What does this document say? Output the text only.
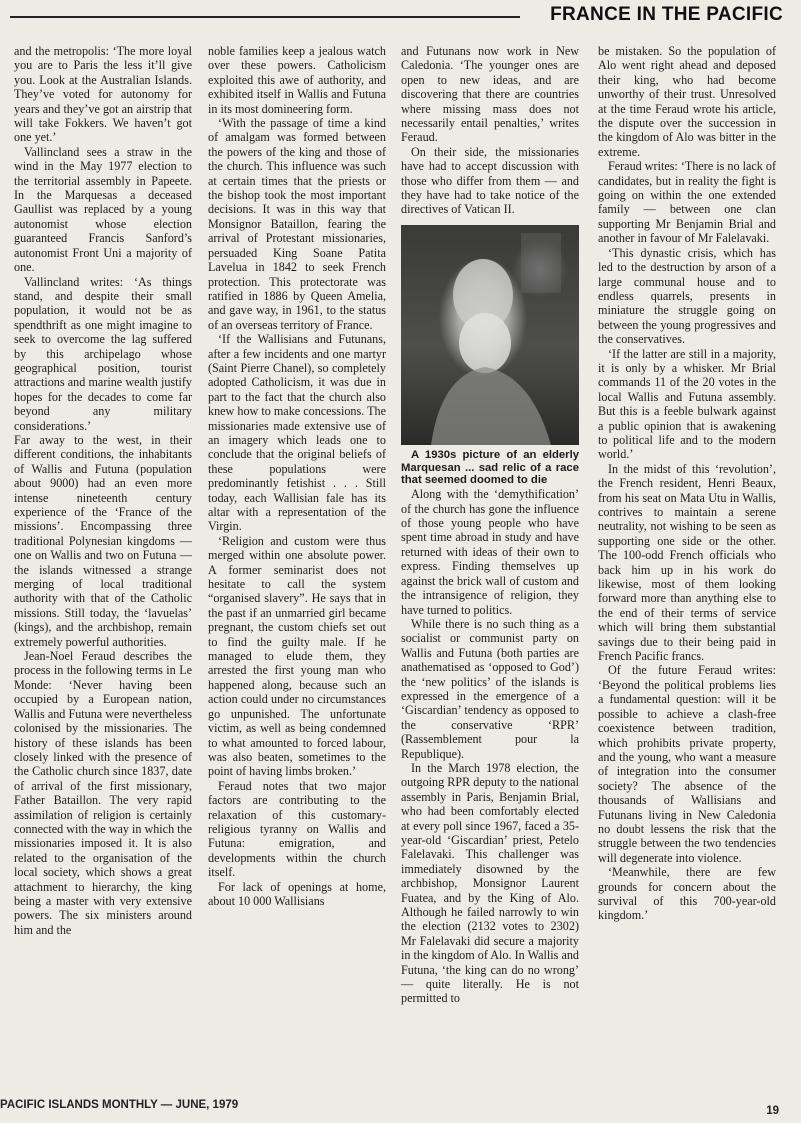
FRANCE IN THE PACIFIC

and the metropolis: ‘The more loyal you are to Paris the less it’ll give you. Look at the Australian Islands. They’ve voted for autonomy for years and they’ve got an airstrip that will take Fokkers. We haven’t got one yet.’

Vallincland sees a straw in the wind in the May 1977 election to the territorial assembly in Papeete. In the Marquesas a deceased Gaullist was replaced by a young autonomist whose election guaranteed Francis Sanford’s autonomist Front Uni a majority of one.

Vallincland writes: ‘As things stand, and despite their small population, it would not be as spendthrift as one might imagine to seek to overcome the lag suffered by this archipelago whose geographical position, tourist attractions and marine wealth justify hopes for the decades to come far beyond any military considerations.’

Far away to the west, in their different conditions, the inhabitants of Wallis and Futuna (population about 9000) had an even more intense nineteenth century experience of the ‘France of the missions’. Encompassing three traditional Polynesian kingdoms — one on Wallis and two on Futuna — the islands witnessed a strange merging of local traditional authority with that of the Catholic missions. Still today, the ‘lavuelas’ (kings), and the archbishop, remain extremely powerful authorities.

Jean-Noel Feraud describes the process in the following terms in Le Monde: ‘Never having been occupied by a European nation, Wallis and Futuna were nevertheless colonised by the missionaries. The history of these islands has been closely linked with the presence of the Catholic church since 1837, date of arrival of the first missionary, Father Bataillon. The very rapid assimilation of religion is certainly connected with the way in which the missionaries imposed it. It is also related to the organisation of the local society, which shows a great attachment to hierarchy, the king being a master with very extensive powers. The six ministers around him and the

noble families keep a jealous watch over these powers. Catholicism exploited this awe of authority, and exhibited itself in Wallis and Futuna in its most domineering form.

‘With the passage of time a kind of amalgam was formed between the powers of the king and those of the church. This influence was such at certain times that the priests or the bishop took the most important decisions. It was in this way that Monsignor Bataillon, fearing the arrival of Protestant missionaries, persuaded King Soane Patita Lavelua in 1842 to seek French protection. This protectorate was ratified in 1886 by Queen Amelia, and gave way, in 1961, to the status of an overseas territory of France.

‘If the Wallisians and Futunans, after a few incidents and one martyr (Saint Pierre Chanel), so completely adopted Catholicism, it was due in part to the fact that the church also knew how to make concessions. The missionaries made extensive use of an imagery which leads one to conclude that the original beliefs of these populations were predominantly fetishist . . . Still today, each Wallisian fale has its altar with a representation of the Virgin.

‘Religion and custom were thus merged within one absolute power. A former seminarist does not hesitate to call the system “organised slavery”. He says that in the past if an unmarried girl became pregnant, the custom chiefs set out to find the guilty male. If he managed to elude them, they arrested the first young man who happened along, because such an action could under no circumstances go unpunished. The unfortunate victim, as well as being condemned to what amounted to forced labour, was also beaten, sometimes to the point of having limbs broken.’

Feraud notes that two major factors are contributing to the relaxation of this customary-religious tyranny on Wallis and Futuna: emigration, and developments within the church itself.

For lack of openings at home, about 10 000 Wallisians

and Futunans now work in New Caledonia. ‘The younger ones are open to new ideas, and are discovering that there are countries where missing mass does not necessarily entail penalties,’ writes Feraud.

On their side, the missionaries have had to accept discussion with those who differ from them — and they have had to take notice of the directives of Vatican II.

A 1930s picture of an elderly Marquesan ... sad relic of a race that seemed doomed to die

Along with the ‘demythification’ of the church has gone the influence of those young people who have spent time abroad in study and have returned with ideas of their own to express. Finding themselves up against the brick wall of custom and the intransigence of religion, they have turned to politics.

While there is no such thing as a socialist or communist party on Wallis and Futuna (both parties are anathematised as ‘opposed to God’) the ‘new politics’ of the islands is expressed in the emergence of a ‘Giscardian’ tendency as opposed to the conservative ‘RPR’ (Rassemblement pour la Republique).

In the March 1978 election, the outgoing RPR deputy to the national assembly in Paris, Benjamin Brial, who had been comfortably elected at every poll since 1967, faced a 35-year-old ‘Giscardian’ priest, Petelo Falelavaki. This challenger was immediately disowned by the archbishop, Monsignor Laurent Fuatea, and by the King of Alo. Although he failed narrowly to win the election (2132 votes to 2302) Mr Falelavaki did secure a majority in the kingdom of Alo. In Wallis and Futuna, ‘the king can do no wrong’ — quite literally. He is not permitted to

be mistaken. So the population of Alo went right ahead and deposed their king, who had become unworthy of their trust. Unresolved at the time Feraud wrote his article, the dispute over the succession in the kingdom of Alo was bitter in the extreme.

Feraud writes: ‘There is no lack of candidates, but in reality the fight is going on within the one extended family — between one clan supporting Mr Benjamin Brial and another in favour of Mr Falelavaki.

‘This dynastic crisis, which has led to the destruction by arson of a large communal house and to endless quarrels, presents in miniature the struggle going on between the young progressives and the conservatives.

‘If the latter are still in a majority, it is only by a whisker. Mr Brial commands 11 of the 20 votes in the local Wallis and Futuna assembly. But this is a feeble bulwark against a public opinion that is awakening to political life and to the modern world.’

In the midst of this ‘revolution’, the French resident, Henri Beaux, from his seat on Mata Utu in Wallis, contrives to maintain a serene neutrality, not wishing to be seen as supporting one side or the other. The 100-odd French officials who back him up in his work do likewise, most of them looking forward more than anything else to the end of their terms of service which will bring them substantial savings due to their being paid in French Pacific francs.

Of the future Feraud writes: ‘Beyond the political problems lies a fundamental question: will it be possible to achieve a clash-free coexistence between tradition, which prohibits private property, and the young, who want a measure of integration into the consumer society? The absence of the thousands of Wallisians and Futunans living in New Caledonia no doubt lessens the risk that the struggle between the two tendencies will degenerate into violence.

‘Meanwhile, there are few grounds for concern about the survival of this 700-year-old kingdom.’

PACIFIC ISLANDS MONTHLY — JUNE, 1979	19
